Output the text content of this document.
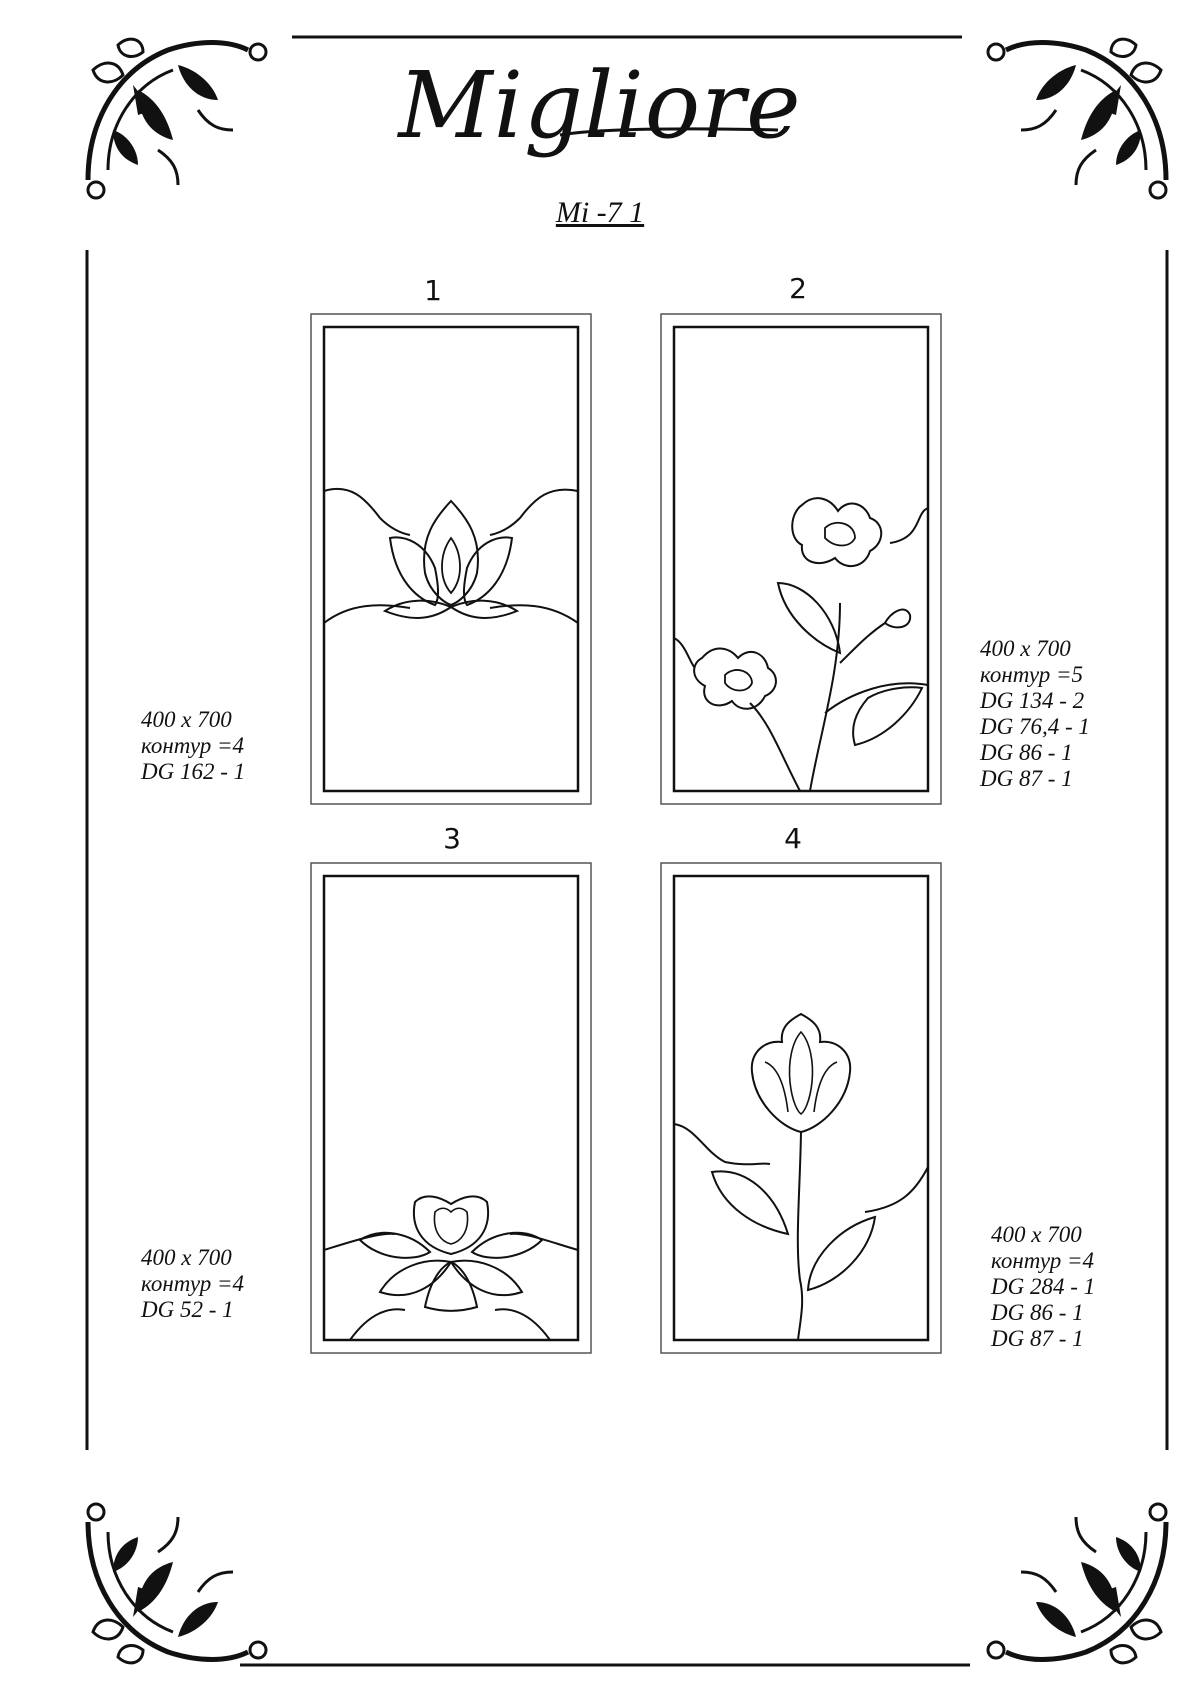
Migliore
Mi -7 1
1	2
3	4
400 x 700
контур =4
DG 162 - 1
400 x 700
контур =5
DG 134 - 2
DG 76,4 - 1
DG 86 - 1
DG 87 - 1
400 x 700
контур =4
DG 52 - 1
400 x 700
контур =4
DG 284 - 1
DG 86 - 1
DG 87 - 1
